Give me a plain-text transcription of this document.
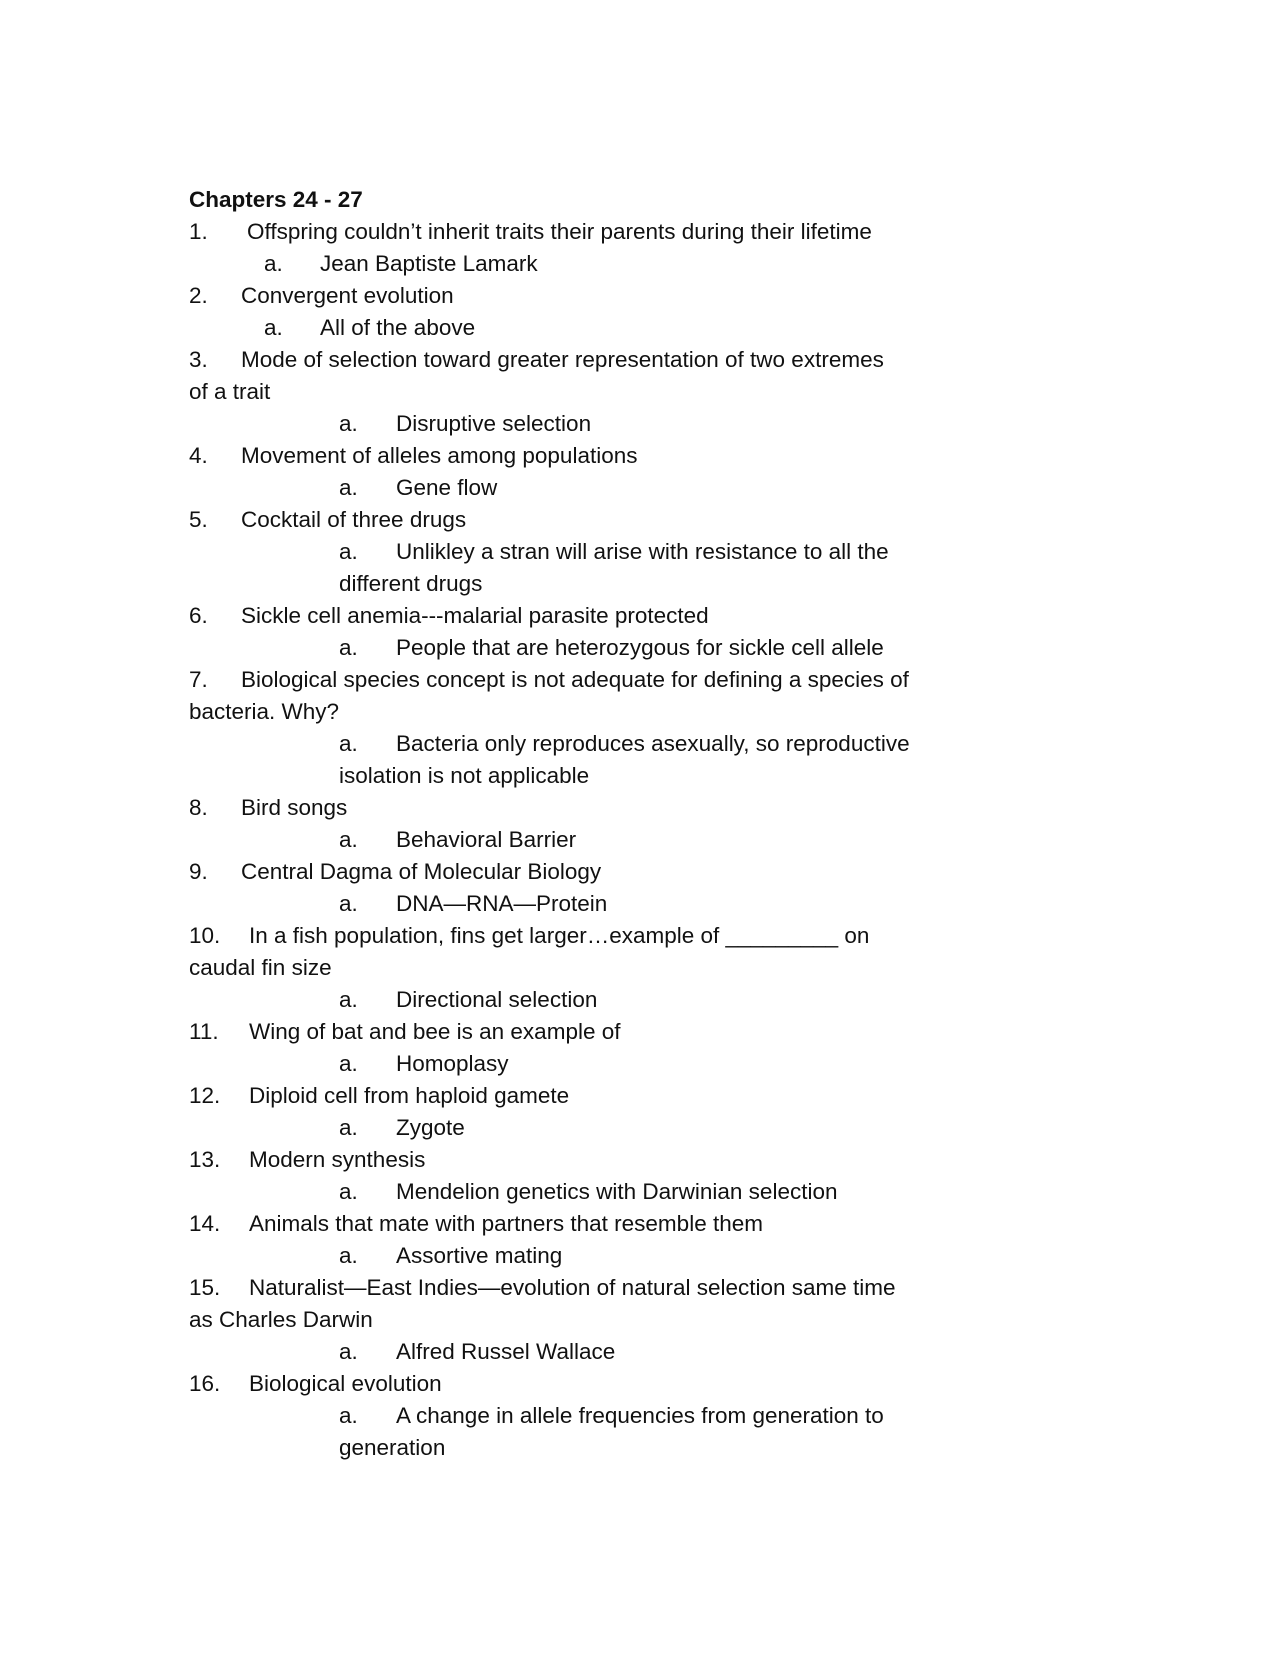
Chapters 24 - 27
1. Offspring couldn’t inherit traits their parents during their lifetime
a. Jean Baptiste Lamark
2. Convergent evolution
a. All of the above
3. Mode of selection toward greater representation of two extremes
of a trait
a. Disruptive selection
4. Movement of alleles among populations
a. Gene flow
5. Cocktail of three drugs
a. Unlikley a stran will arise with resistance to all the
different drugs
6. Sickle cell anemia---malarial parasite protected
a. People that are heterozygous for sickle cell allele
7. Biological species concept is not adequate for defining a species of
bacteria. Why?
a. Bacteria only reproduces asexually, so reproductive
isolation is not applicable
8. Bird songs
a. Behavioral Barrier
9. Central Dagma of Molecular Biology
a. DNA—RNA—Protein
10. In a fish population, fins get larger…example of _________ on
caudal fin size
a. Directional selection
11. Wing of bat and bee is an example of
a. Homoplasy
12. Diploid cell from haploid gamete
a. Zygote
13. Modern synthesis
a. Mendelion genetics with Darwinian selection
14. Animals that mate with partners that resemble them
a. Assortive mating
15. Naturalist—East Indies—evolution of natural selection same time
as Charles Darwin
a. Alfred Russel Wallace
16. Biological evolution
a. A change in allele frequencies from generation to
generation
